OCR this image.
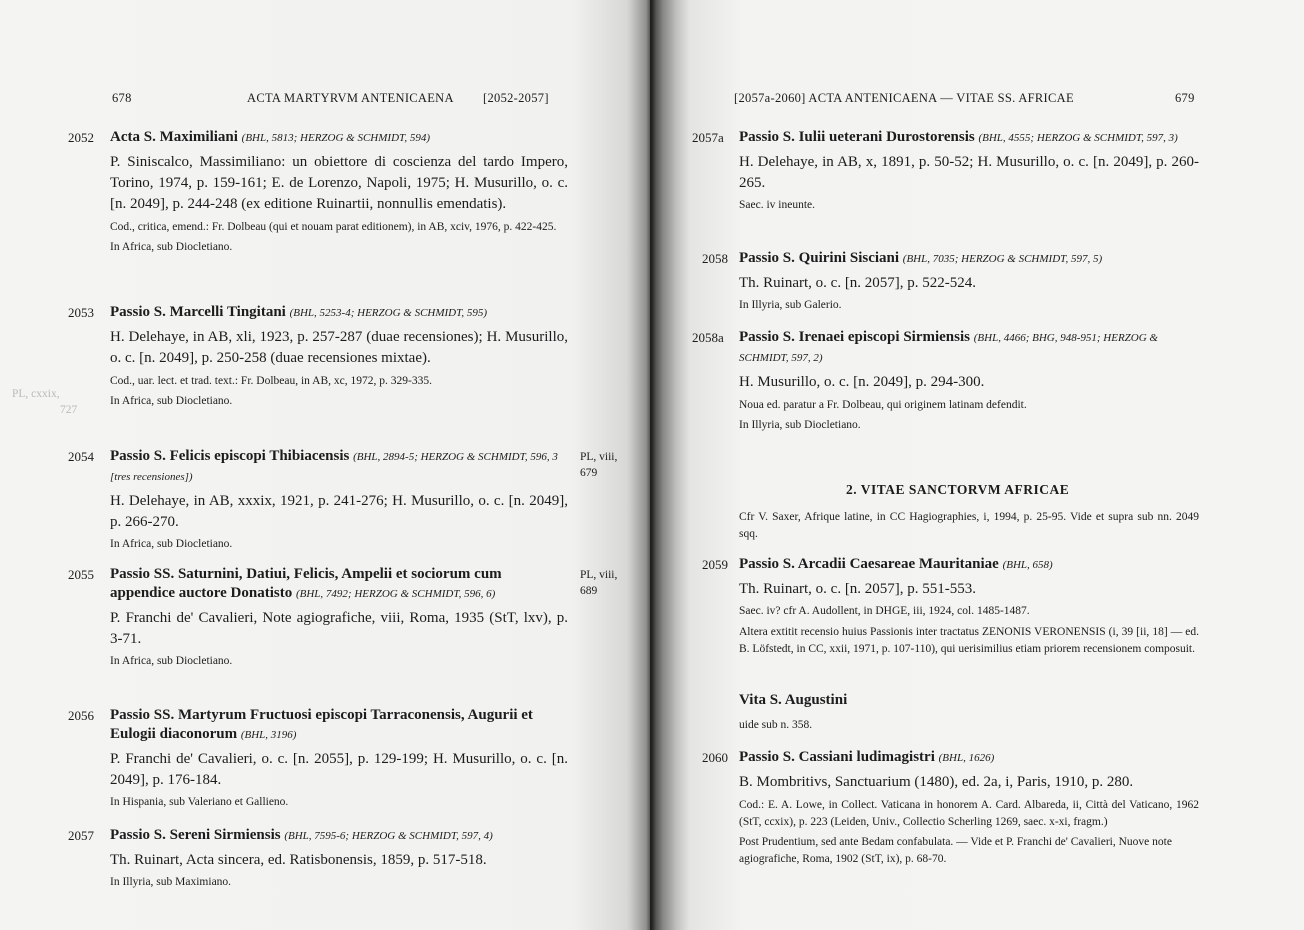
PL, cxxix,
727
678	ACTA MARTYRVM ANTENICAENA [2052-2057]
2052 Acta S. Maximiliani (BHL, 5813; HERZOG & SCHMIDT, 594)
P. Siniscalco, Massimiliano: un obiettore di coscienza del tardo Impero, Torino, 1974, p. 159-161; E. de Lorenzo, Napoli, 1975; H. Musurillo, o. c. [n. 2049], p. 244-248 (ex editione Ruinartii, nonnullis emendatis).
Cod., critica, emend.: Fr. Dolbeau (qui et nouam parat editionem), in AB, xciv, 1976, p. 422-425.
In Africa, sub Diocletiano.
2053 Passio S. Marcelli Tingitani (BHL, 5253-4; HERZOG & SCHMIDT, 595)
H. Delehaye, in AB, xli, 1923, p. 257-287 (duae recensiones); H. Musurillo, o. c. [n. 2049], p. 250-258 (duae recensiones mixtae).
Cod., uar. lect. et trad. text.: Fr. Dolbeau, in AB, xc, 1972, p. 329-335.
In Africa, sub Diocletiano.
2054 Passio S. Felicis episcopi Thibiacensis (BHL, 2894-5; HERZOG & SCHMIDT, 596, 3 [tres recensiones])
H. Delehaye, in AB, xxxix, 1921, p. 241-276; H. Musurillo, o. c. [n. 2049], p. 266-270.
In Africa, sub Diocletiano.
PL, viii, 679
2055 Passio SS. Saturnini, Datiui, Felicis, Ampelii et sociorum cum appendice auctore Donatisto (BHL, 7492; HERZOG & SCHMIDT, 596, 6)
P. Franchi de' Cavalieri, Note agiografiche, viii, Roma, 1935 (StT, lxv), p. 3-71.
In Africa, sub Diocletiano.
PL, viii, 689
2056 Passio SS. Martyrum Fructuosi episcopi Tarraconensis, Augurii et Eulogii diaconorum (BHL, 3196)
P. Franchi de' Cavalieri, o. c. [n. 2055], p. 129-199; H. Musurillo, o. c. [n. 2049], p. 176-184.
In Hispania, sub Valeriano et Gallieno.
2057 Passio S. Sereni Sirmiensis (BHL, 7595-6; HERZOG & SCHMIDT, 597, 4)
Th. Ruinart, Acta sincera, ed. Ratisbonensis, 1859, p. 517-518.
In Illyria, sub Maximiano.
[2057a-2060] ACTA ANTENICAENA — VITAE SS. AFRICAE	679
2057a Passio S. Iulii ueterani Durostorensis (BHL, 4555; HERZOG & SCHMIDT, 597, 3)
H. Delehaye, in AB, x, 1891, p. 50-52; H. Musurillo, o. c. [n. 2049], p. 260-265.
Saec. iv ineunte.
2058 Passio S. Quirini Sisciani (BHL, 7035; HERZOG & SCHMIDT, 597, 5)
Th. Ruinart, o. c. [n. 2057], p. 522-524.
In Illyria, sub Galerio.
2058a Passio S. Irenaei episcopi Sirmiensis (BHL, 4466; BHG, 948-951; HERZOG & SCHMIDT, 597, 2)
H. Musurillo, o. c. [n. 2049], p. 294-300.
Noua ed. paratur a Fr. Dolbeau, qui originem latinam defendit.
In Illyria, sub Diocletiano.
2. VITAE SANCTORVM AFRICAE
Cfr V. Saxer, Afrique latine, in CC Hagiographies, i, 1994, p. 25-95. Vide et supra sub nn. 2049 sqq.
2059 Passio S. Arcadii Caesareae Mauritaniae (BHL, 658)
Th. Ruinart, o. c. [n. 2057], p. 551-553.
Saec. iv? cfr A. Audollent, in DHGE, iii, 1924, col. 1485-1487.
Altera extitit recensio huius Passionis inter tractatus ZENONIS VERONENSIS (i, 39 [ii, 18] — ed. B. Löfstedt, in CC, xxii, 1971, p. 107-110), qui uerisimilius etiam priorem recensionem composuit.
Vita S. Augustini
uide sub n. 358.
2060 Passio S. Cassiani ludimagistri (BHL, 1626)
B. Mombritivs, Sanctuarium (1480), ed. 2a, i, Paris, 1910, p. 280.
Cod.: E. A. Lowe, in Collect. Vaticana in honorem A. Card. Albareda, ii, Città del Vaticano, 1962 (StT, ccxix), p. 223 (Leiden, Univ., Collectio Scherling 1269, saec. x-xi, fragm.)
Post Prudentium, sed ante Bedam confabulata. — Vide et P. Franchi de' Cavalieri, Nuove note agiografiche, Roma, 1902 (StT, ix), p. 68-70.
